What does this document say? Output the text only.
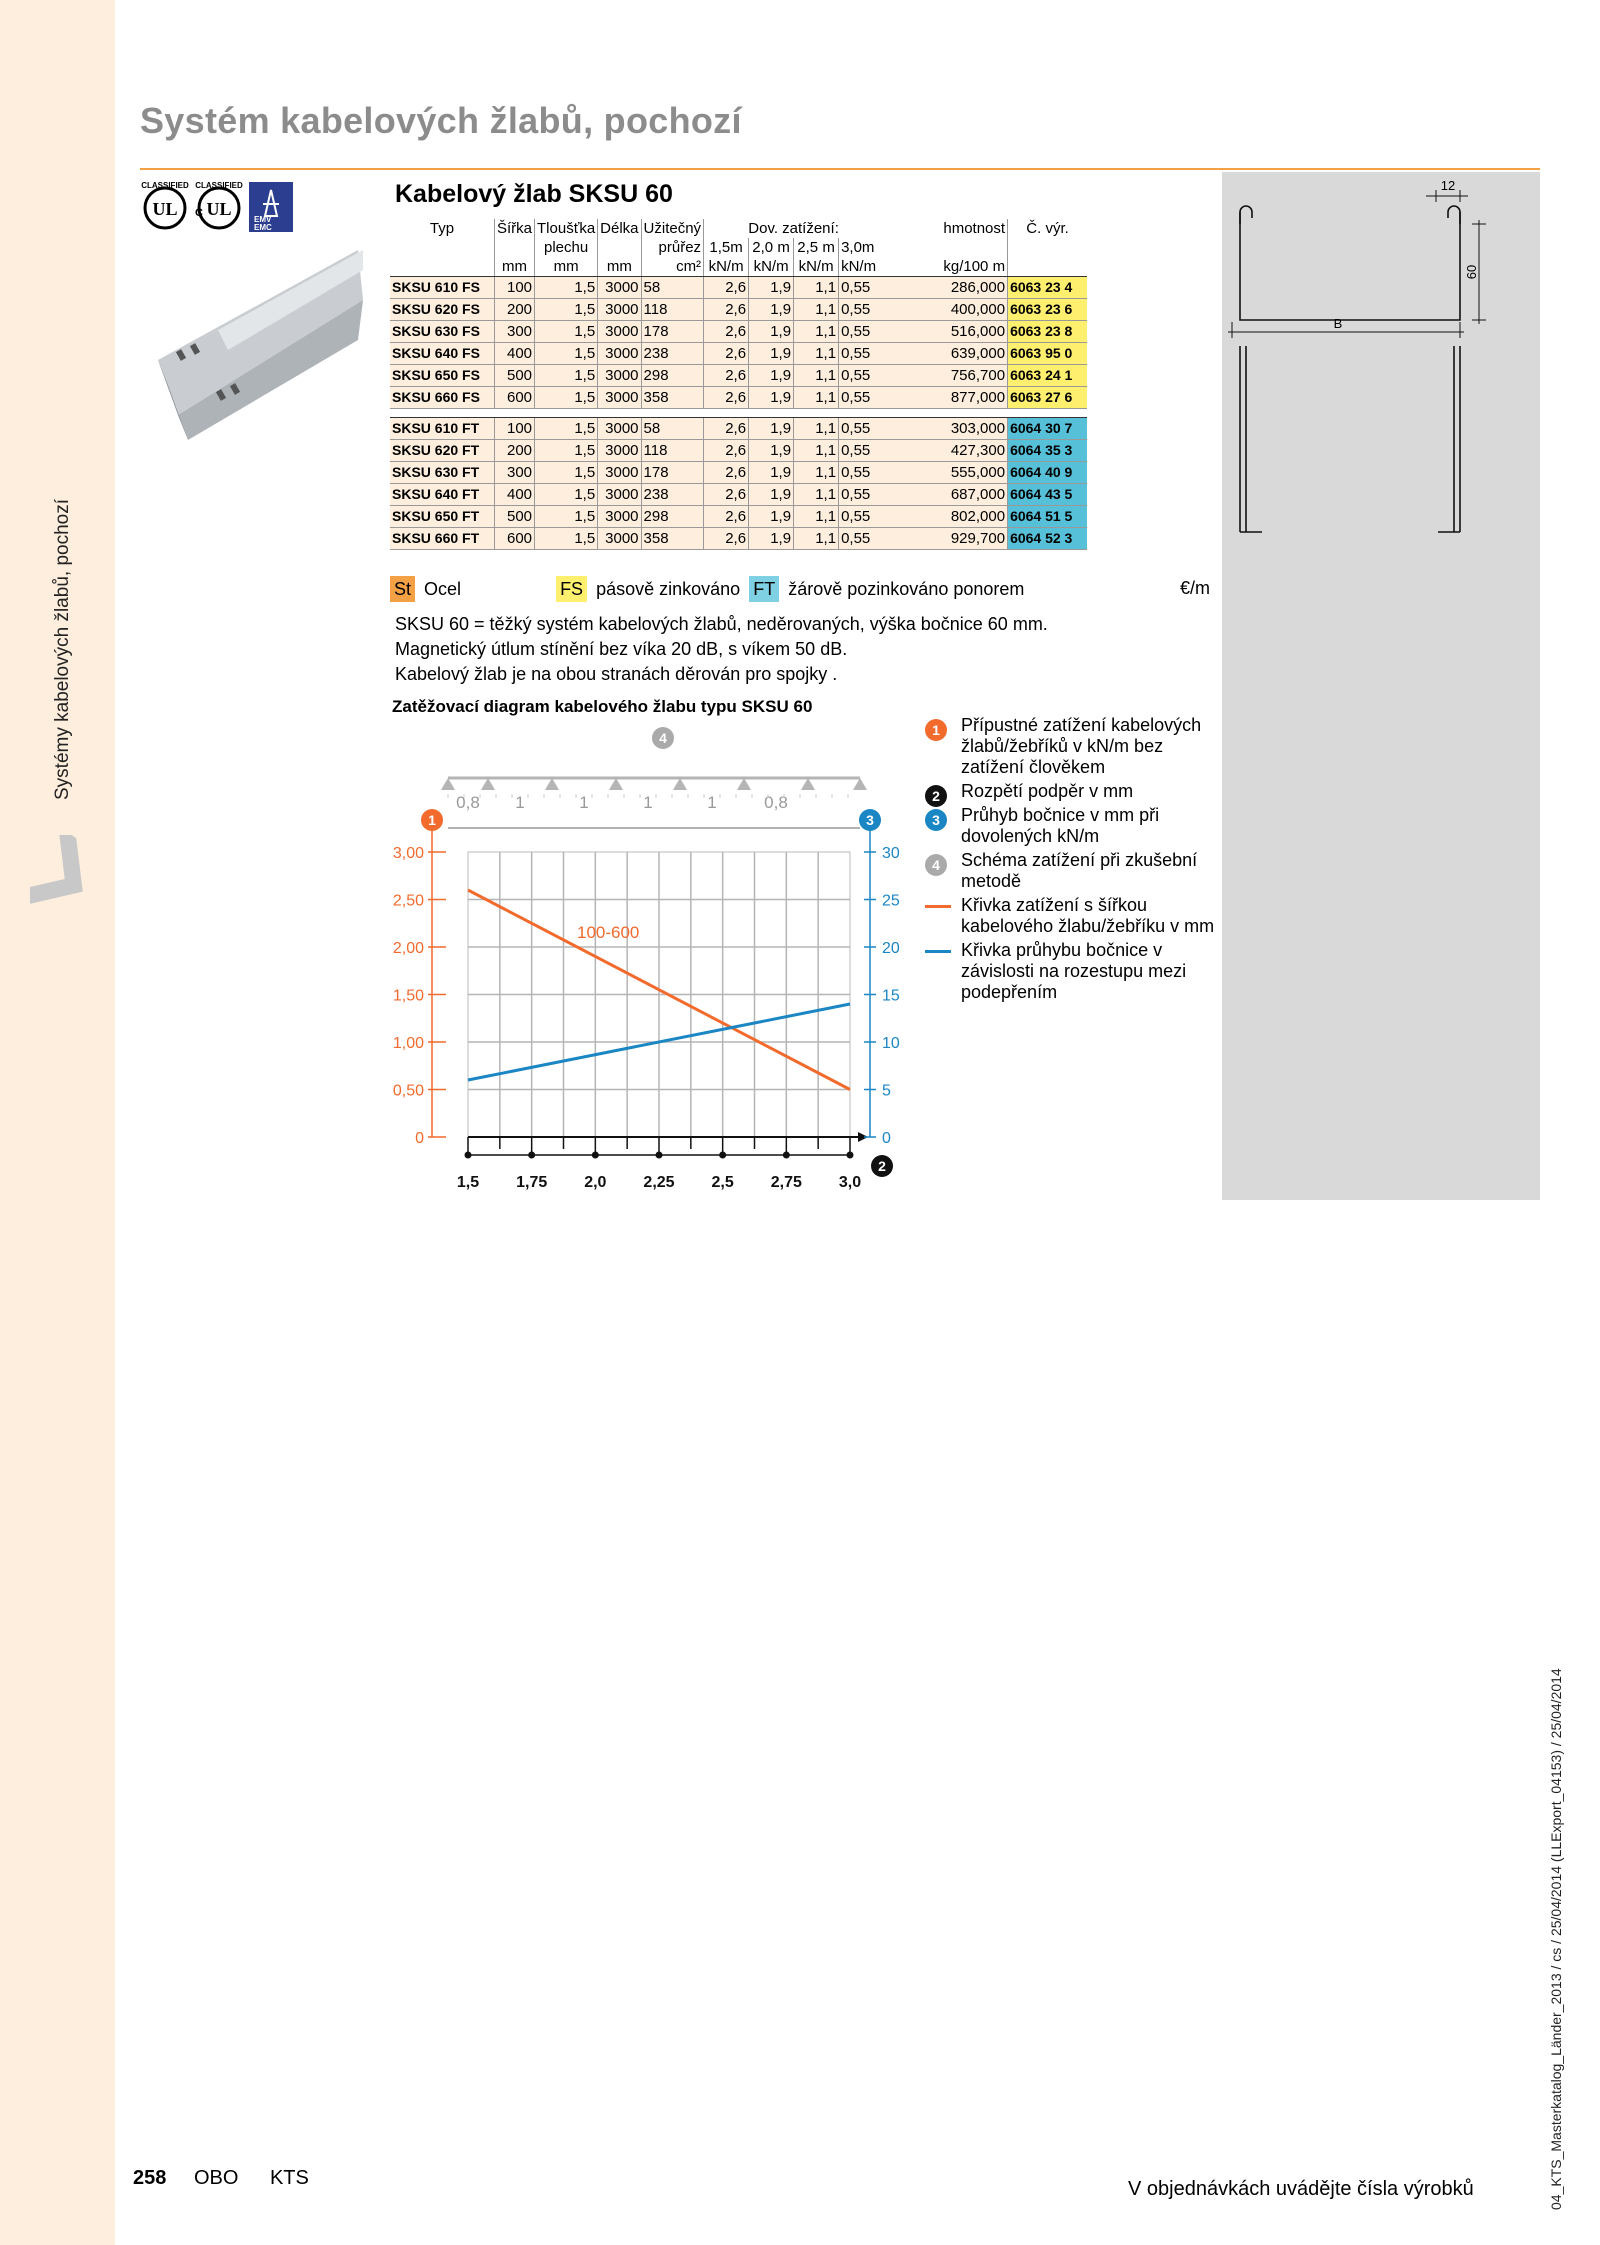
Systémy kabelových žlabů, pochozí
Systém kabelových žlabů, pochozí
12
60
B
UL
CLASSIFIED
UL
CLASSIFIED
C
EMV
EMC
Kabelový žlab SKSU 60
Typ	Šířka	Tloušťka	Délka	Užitečný	Dov. zatížení:				hmotnost	Č. výr.
		plechu		průřez	1,5m	2,0 m	2,5 m	3,0m		
	mm	mm	mm	cm²	kN/m	kN/m	kN/m	kN/m	kg/100 m	
SKSU 610 FS	100	1,5	3000	58	2,6	1,9	1,1	0,55	286,000	6063 23 4
SKSU 620 FS	200	1,5	3000	118	2,6	1,9	1,1	0,55	400,000	6063 23 6
SKSU 630 FS	300	1,5	3000	178	2,6	1,9	1,1	0,55	516,000	6063 23 8
SKSU 640 FS	400	1,5	3000	238	2,6	1,9	1,1	0,55	639,000	6063 95 0
SKSU 650 FS	500	1,5	3000	298	2,6	1,9	1,1	0,55	756,700	6063 24 1
SKSU 660 FS	600	1,5	3000	358	2,6	1,9	1,1	0,55	877,000	6063 27 6

SKSU 610 FT	100	1,5	3000	58	2,6	1,9	1,1	0,55	303,000	6064 30 7
SKSU 620 FT	200	1,5	3000	118	2,6	1,9	1,1	0,55	427,300	6064 35 3
SKSU 630 FT	300	1,5	3000	178	2,6	1,9	1,1	0,55	555,000	6064 40 9
SKSU 640 FT	400	1,5	3000	238	2,6	1,9	1,1	0,55	687,000	6064 43 5
SKSU 650 FT	500	1,5	3000	298	2,6	1,9	1,1	0,55	802,000	6064 51 5
SKSU 660 FT	600	1,5	3000	358	2,6	1,9	1,1	0,55	929,700	6064 52 3
St Ocel	FS pásově zinkováno FT žárově pozinkováno ponorem	€/m
SKSU 60 = těžký systém kabelových žlabů, neděrovaných, výška bočnice 60 mm.
Magnetický útlum stínění bez víka 20 dB, s víkem 50 dB.
Kabelový žlab je na obou stranách děrován pro spojky .
Zatěžovací diagram kabelového žlabu typu SKSU 60
0
0,50
1,00
1,50
2,00
2,50
3,00
0
5
10
15
20
25
30
1,5 1,75 2,0 2,25 2,5 2,75 3,0
100-600
0,8 1	1	1	1	0,8
4
1	3
2
1	Přípustné zatížení kabelových žlabů/žebříků v kN/m bez zatížení člověkem
2	Rozpětí podpěr v mm
3	Průhyb bočnice v mm při dovolených kN/m
4	Schéma zatížení při zkušební metodě
Křivka zatížení s šířkou kabelového žlabu/žebříku v mm
Křivka průhybu bočnice v závislosti na rozestupu mezi podepřením
04_KTS_Masterkatalog_Länder_2013 / cs / 25/04/2014 (LLExport_04153) / 25/04/2014
258 OBO KTS	V objednávkách uvádějte čísla výrobků
